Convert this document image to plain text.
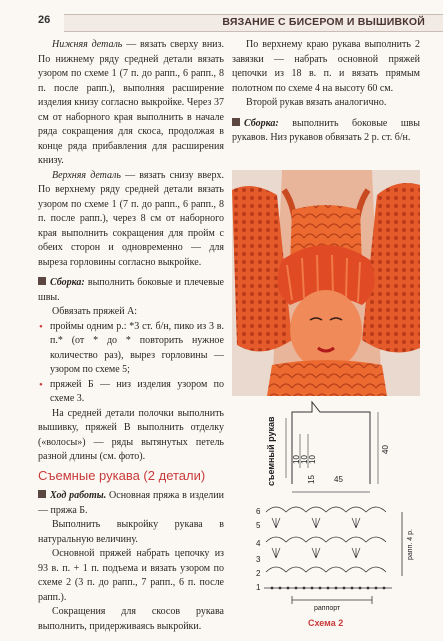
26	ВЯЗАНИЕ С БИСЕРОМ И ВЫШИВКОЙ

Нижняя деталь — вязать сверху вниз. По нижнему ряду средней детали вязать узором по схеме 1 (7 п. до рапп., 6 рапп., 8 п. после рапп.), выполняя расширение изделия книзу согласно выкройке. Через 37 см от наборного края выполнить в начале ряда сокращения для скоса, продолжая в конце ряда прибавления для расширения книзу.

Верхняя деталь — вязать снизу вверх. По верхнему ряду средней детали вязать узором по схеме 1 (7 п. до рапп., 6 рапп., 8 п. после рапп.), через 8 см от наборного края выполнить сокращения для пройм с обеих сторон и одновременно — для выреза горловины согласно выкройке.

Сборка: выполнить боковые и плечевые швы.

Обвязать пряжей А:

• проймы одним р.: *3 ст. б/н, пико из 3 в. п.* (от * до * повторить нужное количество раз), вырез горловины — узором по схеме 5;
• пряжей Б — низ изделия узором по схеме 3.

На средней детали полочки выполнить вышивку, пряжей В выполнить отделку («волосы») — ряды вытянутых петель разной длины (см. фото).

Съемные рукава (2 детали)

Ход работы. Основная пряжа в изделии — пряжа Б.

Выполнить выкройку рукава в натуральную величину.

Основной пряжей набрать цепочку из 93 в. п. + 1 п. подъема и вязать узором по схеме 2 (3 п. до рапп., 7 рапп., 6 п. после рапп.).

Сокращения для скосов рукава выполнить, придерживаясь выкройки.

По верхнему краю рукава выполнить 2 завязки — набрать основной пряжей цепочки из 18 в. п. и вязать прямым полотном по схеме 4 на высоту 60 см.

Второй рукав вязать аналогично.

Сборка: выполнить боковые швы рукавов. Низ рукавов обвязать 2 р. ст. б/н.

съемный рукав 10 10 10
15 45
40
6
5
4
3
2
1
рапп. 4 р.
раппорт
Схема 2
